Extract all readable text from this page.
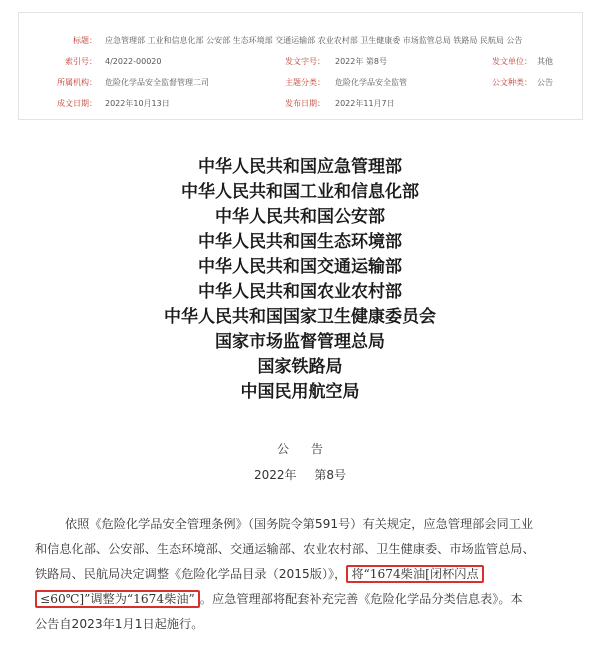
标题： 应急管理部 工业和信息化部 公安部 生态环境部 交通运输部 农业农村部 卫生健康委 市场监管总局 铁路局 民航局 公告
索引号： 4/2022-00020	发文字号： 2022年 第8号	发文单位： 其他
所属机构： 危险化学品安全监督管理二司	主题分类： 危险化学品安全监管	公文种类： 公告
成文日期： 2022年10月13日	发布日期： 2022年11月7日
中华人民共和国应急管理部
中华人民共和国工业和信息化部
中华人民共和国公安部
中华人民共和国生态环境部
中华人民共和国交通运输部
中华人民共和国农业农村部
中华人民共和国国家卫生健康委员会
国家市场监督管理总局
国家铁路局
中国民用航空局
公告
2022年 第8号
依照《危险化学品安全管理条例》（国务院令第591号）有关规定，应急管理部会同工业
和信息化部、公安部、生态环境部、交通运输部、农业农村部、卫生健康委、市场监管总局、
铁路局、民航局决定调整《危险化学品目录（2015版）》， 将“1674柴油[闭杯闪点
≤60℃]”调整为“1674柴油” 。应急管理部将配套补充完善《危险化学品分类信息表》。本
公告自2023年1月1日起施行。
